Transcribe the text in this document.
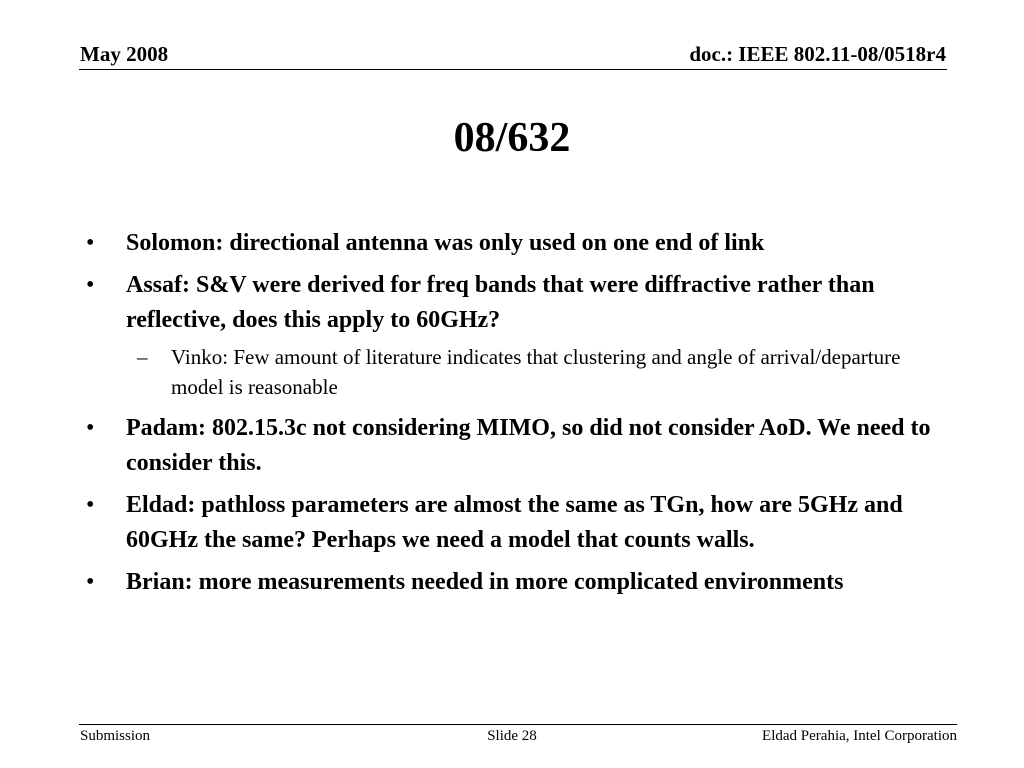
May 2008	doc.: IEEE 802.11-08/0518r4
08/632
• Solomon: directional antenna was only used on one end of link
• Assaf: S&V were derived for freq bands that were diffractive rather than reflective, does this apply to 60GHz?
– Vinko: Few amount of literature indicates that clustering and angle of arrival/departure model is reasonable
• Padam: 802.15.3c not considering MIMO, so did not consider AoD. We need to consider this.
• Eldad: pathloss parameters are almost the same as TGn, how are 5GHz and 60GHz the same? Perhaps we need a model that counts walls.
• Brian: more measurements needed in more complicated environments
Submission	Slide 28	Eldad Perahia, Intel Corporation
